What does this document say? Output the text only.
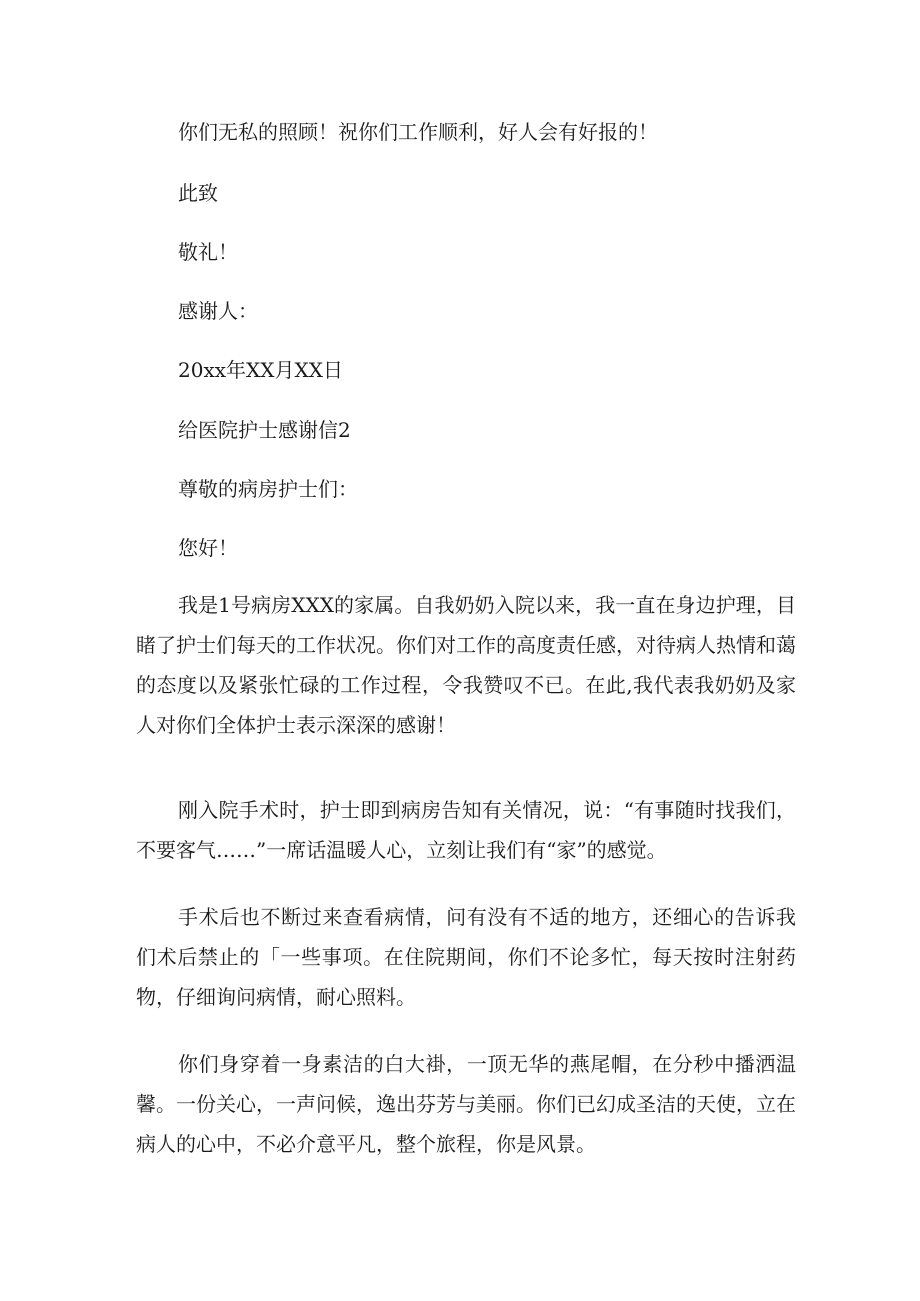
你们无私的照顾！祝你们工作顺利，好人会有好报的！

此致

敬礼！

感谢人：

20xx年XX月XX日

给医院护士感谢信2

尊敬的病房护士们：

您好！

我是1号病房XXX的家属。自我奶奶入院以来，我一直在身边护理，目睹了护士们每天的工作状况。你们对工作的高度责任感，对待病人热情和蔼的态度以及紧张忙碌的工作过程，令我赞叹不已。在此,我代表我奶奶及家人对你们全体护士表示深深的感谢！

刚入院手术时，护士即到病房告知有关情况，说：“有事随时找我们，不要客气……”一席话温暖人心，立刻让我们有“家”的感觉。

手术后也不断过来查看病情，问有没有不适的地方，还细心的告诉我们术后禁止的「一些事项。在住院期间，你们不论多忙，每天按时注射药物，仔细询问病情，耐心照料。

你们身穿着一身素洁的白大褂，一顶无华的燕尾帽，在分秒中播洒温馨。一份关心，一声问候，逸出芬芳与美丽。你们已幻成圣洁的天使，立在病人的心中，不必介意平凡，整个旅程，你是风景。
